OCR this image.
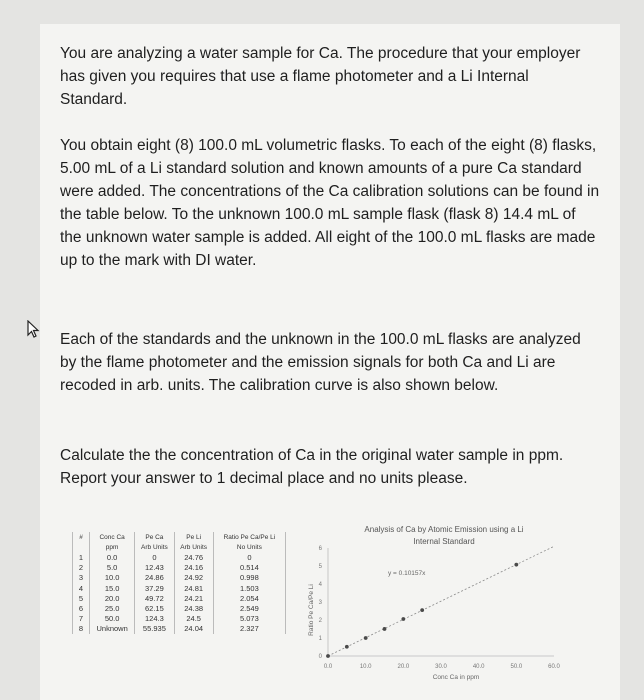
You are analyzing a water sample for Ca. The procedure that your employer has given you requires that use a flame photometer and a Li Internal Standard.
You obtain eight (8) 100.0 mL volumetric flasks. To each of the eight (8) flasks, 5.00 mL of a Li standard solution and known amounts of a pure Ca standard were added. The concentrations of the Ca calibration solutions can be found in the table below. To the unknown 100.0 mL sample flask (flask 8) 14.4 mL of the unknown water sample is added. All eight of the 100.0 mL flasks are made up to the mark with DI water.
Each of the standards and the unknown in the 100.0 mL flasks are analyzed by the flame photometer and the emission signals for both Ca and Li are recoded in arb. units. The calibration curve is also shown below.
Calculate the the concentration of Ca in the original water sample in ppm. Report your answer to 1 decimal place and no units please.
#	Conc Ca	Pe Ca	Pe Li	Ratio Pe Ca/Pe Li
	ppm	Arb Units	Arb Units	No Units
1	0.0	0	24.76	0
2	5.0	12.43	24.16	0.514
3	10.0	24.86	24.92	0.998
4	15.0	37.29	24.81	1.503
5	20.0	49.72	24.21	2.054
6	25.0	62.15	24.38	2.549
7	50.0	124.3	24.5	5.073
8	Unknown	55.935	24.04	2.327
Analysis of Ca by Atomic Emission using a Li
Internal Standard
0.0	10.0	20.0	30.0	40.0	50.0	60.0
0
1
2
3
4
5
6
y = 0.10157x
Conc Ca in ppm
Ratio Pe Ca/Pe Li
